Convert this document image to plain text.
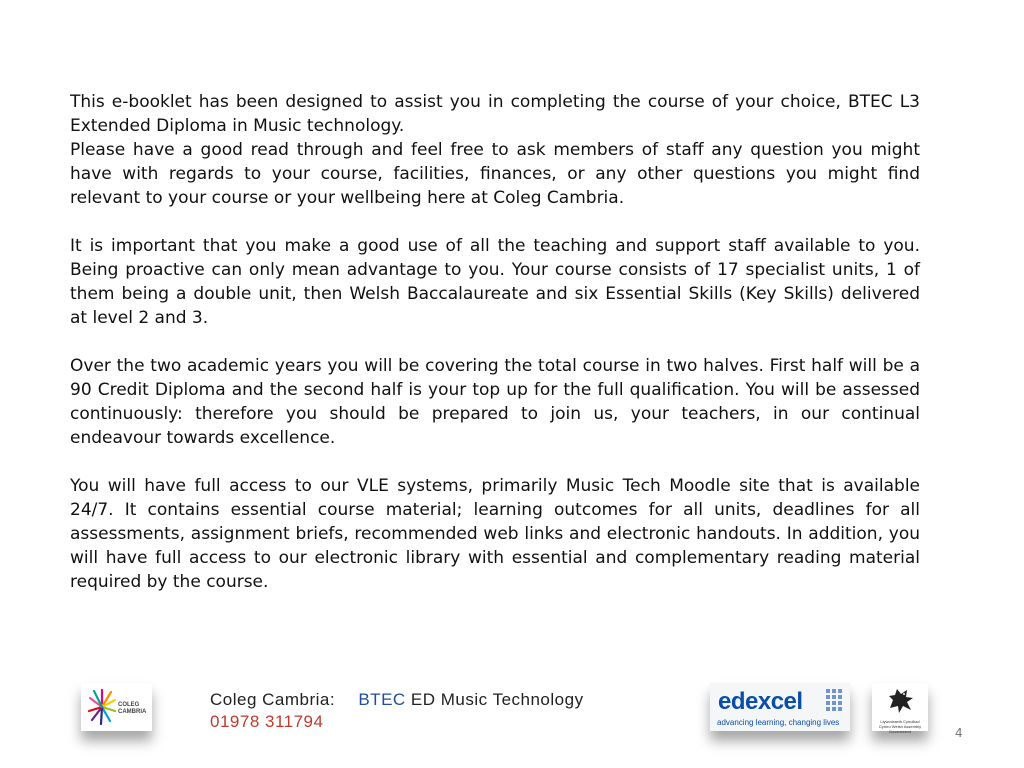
This e-booklet has been designed to assist you in completing the course of your choice, BTEC L3 Extended Diploma in Music technology.

Please have a good read through and feel free to ask members of staff any question you might have with regards to your course, facilities, finances, or any other questions you might find relevant to your course or your wellbeing here at Coleg Cambria.

It is important that you make a good use of all the teaching and support staff available to you. Being proactive can only mean advantage to you. Your course consists of 17 specialist units, 1 of them being a double unit, then Welsh Baccalaureate and six Essential Skills (Key Skills) delivered at level 2 and 3.

Over the two academic years you will be covering the total course in two halves. First half will be a 90 Credit Diploma and the second half is your top up for the full qualification. You will be assessed continuously: therefore you should be prepared to join us, your teachers, in our continual endeavour towards excellence.

You will have full access to our VLE systems, primarily Music Tech Moodle site that is available 24/7. It contains essential course material; learning outcomes for all units, deadlines for all assessments, assignment briefs, recommended web links and electronic handouts. In addition, you will have full access to our electronic library with essential and complementary reading material required by the course.

COLEG CAMBRIA
Coleg Cambria: BTEC ED Music Technology
01978 311794
edexcel
advancing learning, changing lives	Llywodraeth Cynulliad Cymru Welsh Assembly Government	4
